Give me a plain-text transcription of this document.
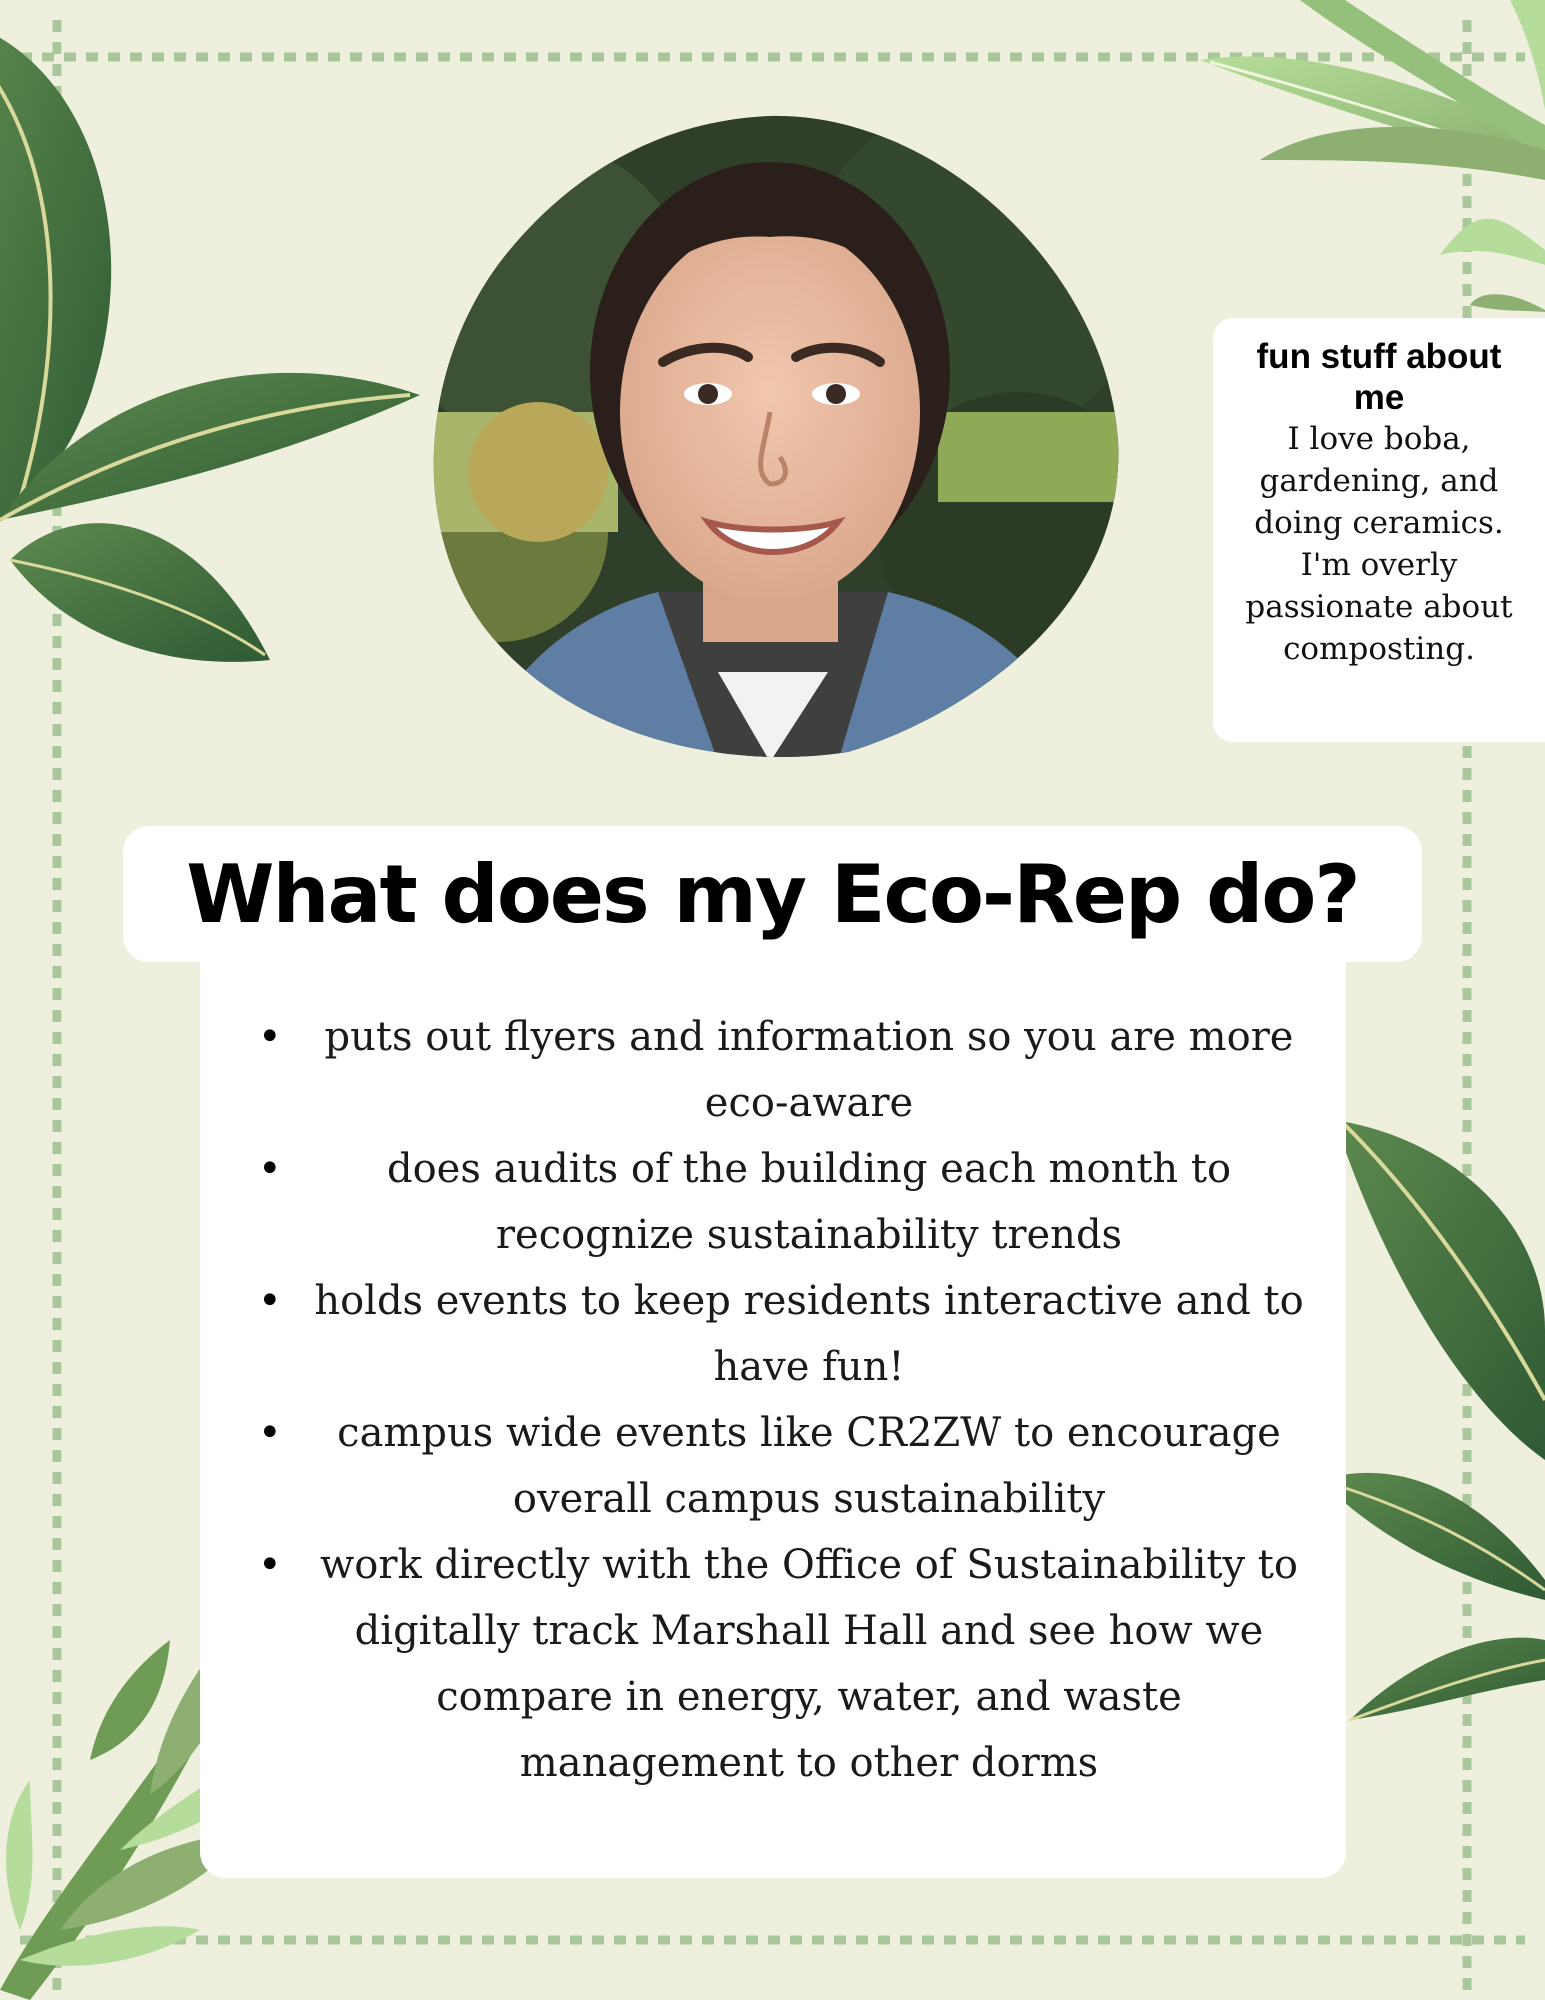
fun stuff about me

I love boba, gardening, and doing ceramics. I'm overly passionate about composting.

What does my Eco-Rep do?
• puts out flyers and information so you are more eco-aware
•	does audits of the building each month to recognize sustainability trends
• holds events to keep residents interactive and to have fun!
• campus wide events like CR2ZW to encourage overall campus sustainability
• work directly with the Office of Sustainability to digitally track Marshall Hall and see how we compare in energy, water, and waste management to other dorms
